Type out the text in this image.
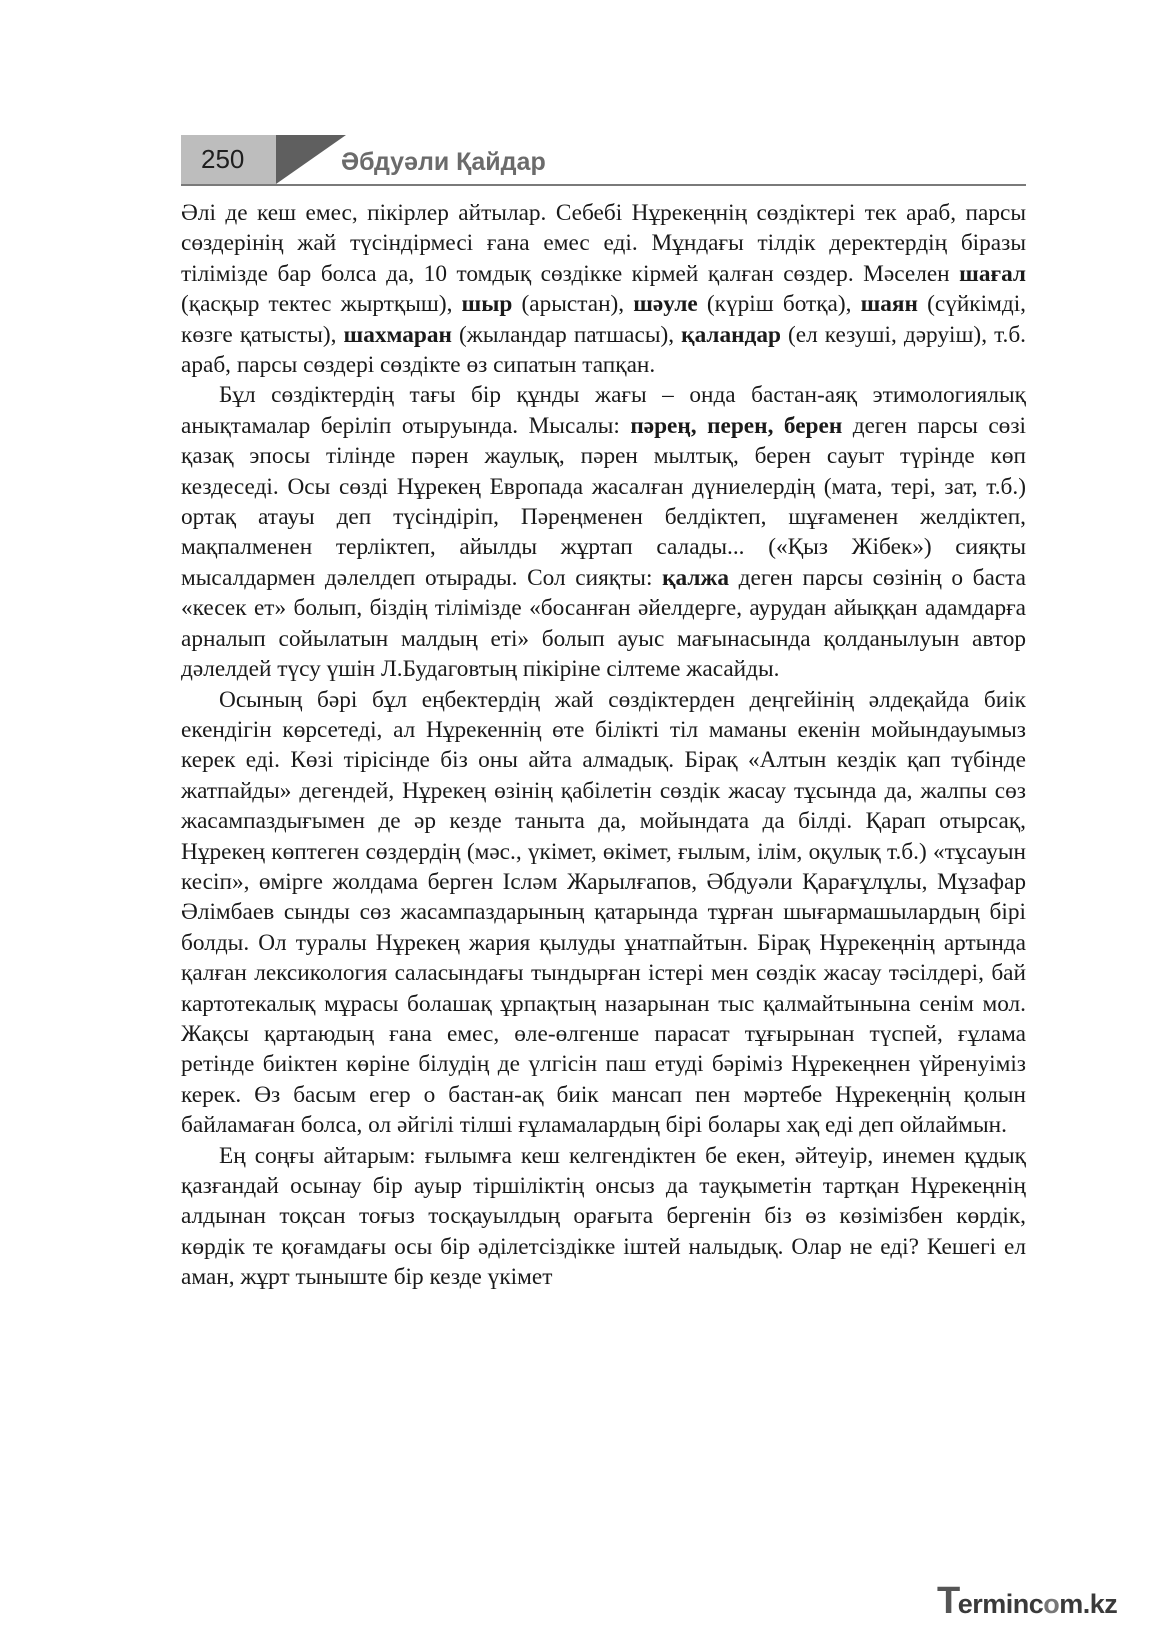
250	Әбдуәли Қайдар

Әлі де кеш емес, пікірлер айтылар. Себебі Нұрекеңнің сөздіктері тек араб, парсы сөздерінің жай түсіндірмесі ғана емес еді. Мұндағы тілдік деректердің біразы тілімізде бар болса да, 10 томдық сөздікке кірмей қалған сөздер. Мәселен шағал (қасқыр тектес жыртқыш), шыр (арыстан), шәуле (күріш ботқа), шаян (сүйкімді, көзге қатысты), шахмаран (жыландар патшасы), қаландар (ел кезуші, дәруіш), т.б. араб, парсы сөздері сөздікте өз сипатын тапқан.

Бұл сөздіктердің тағы бір құнды жағы – онда бастан-аяқ этимологиялық анықтамалар беріліп отыруында. Мысалы: пәрең, перен, берен деген парсы сөзі қазақ эпосы тілінде пәрен жаулық, пәрен мылтық, берен сауыт түрінде көп кездеседі. Осы сөзді Нұрекең Европада жасалған дүниелердің (мата, тері, зат, т.б.) ортақ атауы деп түсіндіріп, Пәреңменен белдіктеп, шұғаменен желдіктеп, мақпалменен терліктеп, айылды жұртап салады... («Қыз Жібек») сияқты мысалдармен дәлелдеп отырады. Сол сияқты: қалжа деген парсы сөзінің о баста «кесек ет» болып, біздің тілімізде «босанған әйелдерге, аурудан айыққан адамдарға арналып сойылатын малдың еті» болып ауыс мағынасында қолданылуын автор дәлелдей түсу үшін Л.Будаговтың пікіріне сілтеме жасайды.

Осының бәрі бұл еңбектердің жай сөздіктерден деңгейінің әлдеқайда биік екендігін көрсетеді, ал Нұрекеннің өте білікті тіл маманы екенін мойындауымыз керек еді. Көзі тірісінде біз оны айта алмадық. Бірақ «Алтын кездік қап түбінде жатпайды» дегендей, Нұрекең өзінің қабілетін сөздік жасау тұсында да, жалпы сөз жасампаздығымен де әр кезде таныта да, мойындата да білді. Қарап отырсақ, Нұрекең көптеген сөздердің (мәс., үкімет, өкімет, ғылым, ілім, оқулық т.б.) «тұсауын кесіп», өмірге жолдама берген Ісләм Жарылғапов, Әбдуәли Қарағұлұлы, Мұзафар Әлімбаев сынды сөз жасампаздарының қатарында тұрған шығармашылардың бірі болды. Ол туралы Нұрекең жария қылуды ұнатпайтын. Бірақ Нұрекеңнің артында қалған лексикология саласындағы тындырған істері мен сөздік жасау тәсілдері, бай картотекалық мұрасы болашақ ұрпақтың назарынан тыс қалмайтынына сенім мол. Жақсы қартаюдың ғана емес, өле-өлгенше парасат тұғырынан түспей, ғұлама ретінде биіктен көріне білудің де үлгісін паш етуді бәріміз Нұрекеңнен үйренуіміз керек. Өз басым егер о бастан-ақ биік мансап пен мәртебе Нұрекеңнің қолын байламаған болса, ол әйгілі тілші ғұламалардың бірі болары хақ еді деп ойлаймын.

Ең соңғы айтарым: ғылымға кеш келгендіктен бе екен, әйтеуір, инемен құдық қазғандай осынау бір ауыр тіршіліктің онсыз да тауқыметін тартқан Нұрекеңнің алдынан тоқсан тоғыз тосқауылдың орағыта бергенін біз өз көзімізбен көрдік, көрдік те қоғамдағы осы бір әділетсіздікке іштей налыдық. Олар не еді? Кешегі ел аман, жұрт тыныште бір кезде үкімет

Termincom.kz
